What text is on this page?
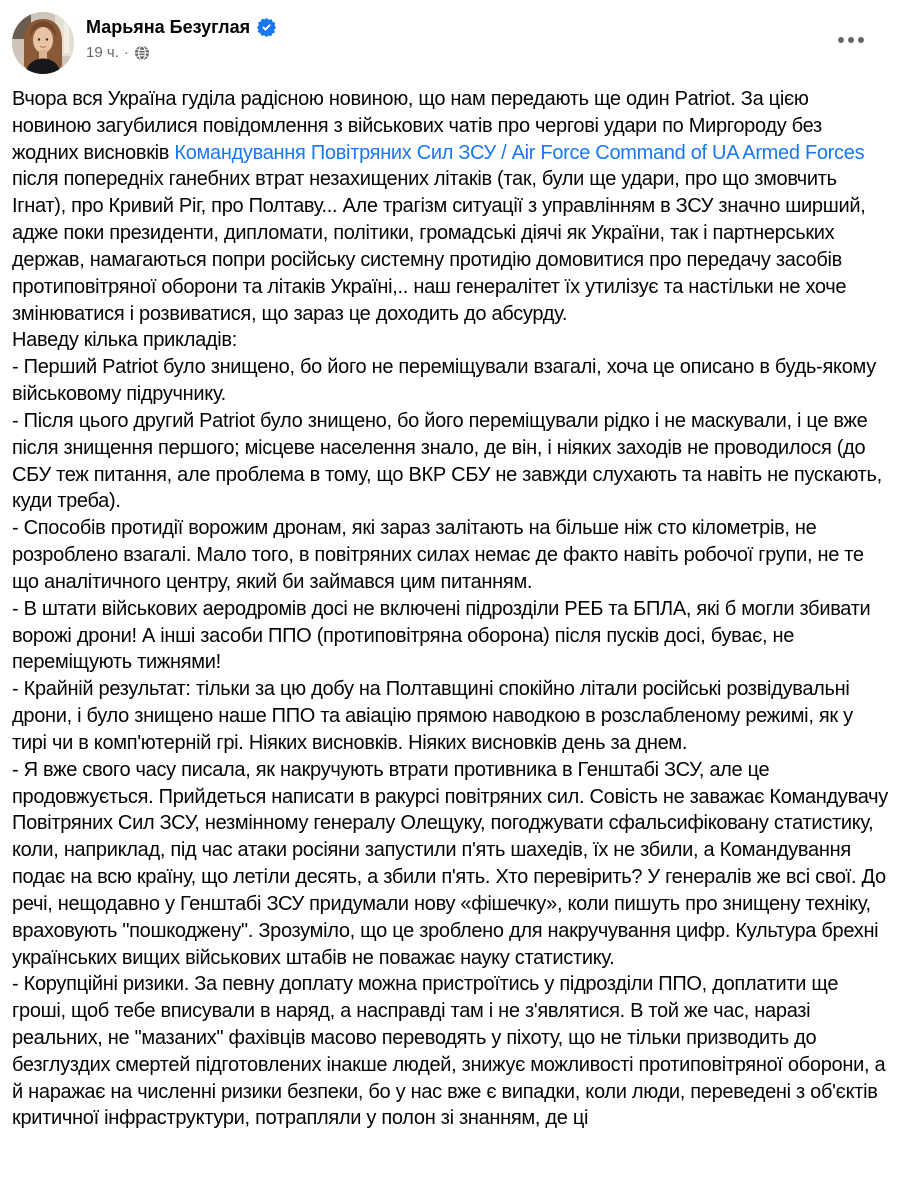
Марьяна Безуглая
19 ч. ·
Вчора вся Україна гуділа радісною новиною, що нам передають ще один Patriot. За цією новиною загубилися повідомлення з військових чатів про чергові удари по Миргороду без жодних висновків Командування Повітряних Сил ЗСУ / Air Force Command of UA Armed Forces після попередніх ганебних втрат незахищених літаків (так, були ще удари, про що змовчить Ігнат), про Кривий Ріг, про Полтаву... Але трагізм ситуації з управлінням в ЗСУ значно ширший, адже поки президенти, дипломати, політики, громадські діячі як України, так і партнерських держав, намагаються попри російську системну протидію домовитися про передачу засобів протиповітряної оборони та літаків Україні,.. наш генералітет їх утилізує та настільки не хоче змінюватися і розвиватися, що зараз це доходить до абсурду.
Наведу кілька прикладів:
- Перший Patriot було знищено, бо його не переміщували взагалі, хоча це описано в будь-якому військовому підручнику.
- Після цього другий Patriot було знищено, бо його переміщували рідко і не маскували, і це вже після знищення першого; місцеве населення знало, де він, і ніяких заходів не проводилося (до СБУ теж питання, але проблема в тому, що ВКР СБУ не завжди слухають та навіть не пускають, куди треба).
- Способів протидії ворожим дронам, які зараз залітають на більше ніж сто кілометрів, не розроблено взагалі. Мало того, в повітряних силах немає де факто навіть робочої групи, не те що аналітичного центру, який би займався цим питанням.
- В штати військових аеродромів досі не включені підрозділи РЕБ та БПЛА, які б могли збивати ворожі дрони! А інші засоби ППО (протиповітряна оборона) після пусків досі, буває, не переміщують тижнями!
- Крайній результат: тільки за цю добу на Полтавщині спокійно літали російські розвідувальні дрони, і було знищено наше ППО та авіацію прямою наводкою в розслабленому режимі, як у тирі чи в комп'ютерній грі. Ніяких висновків. Ніяких висновків день за днем.
- Я вже свого часу писала, як накручують втрати противника в Генштабі ЗСУ, але це продовжується. Прийдеться написати в ракурсі повітряних сил. Совість не заважає Командувачу Повітряних Сил ЗСУ, незмінному генералу Олещуку, погоджувати сфальсифіковану статистику, коли, наприклад, під час атаки росіяни запустили п'ять шахедів, їх не збили, а Командування подає на всю країну, що летіли десять, а збили п'ять. Хто перевірить? У генералів же всі свої. До речі, нещодавно у Генштабі ЗСУ придумали нову «фішечку», коли пишуть про знищену техніку, враховують "пошкоджену". Зрозуміло, що це зроблено для накручування цифр. Культура брехні українських вищих військових штабів не поважає науку статистику.
- Корупційні ризики. За певну доплату можна пристроїтись у підрозділи ППО, доплатити ще гроші, щоб тебе вписували в наряд, а насправді там і не з'являтися. В той же час, наразі реальних, не "мазаних" фахівців масово переводять у піхоту, що не тільки призводить до безглуздих смертей підготовлених інакше людей, знижує можливості протиповітряної оборони, а й наражає на численні ризики безпеки, бо у нас вже є випадки, коли люди, переведені з об'єктів критичної інфраструктури, потрапляли у полон зі знанням, де ці
